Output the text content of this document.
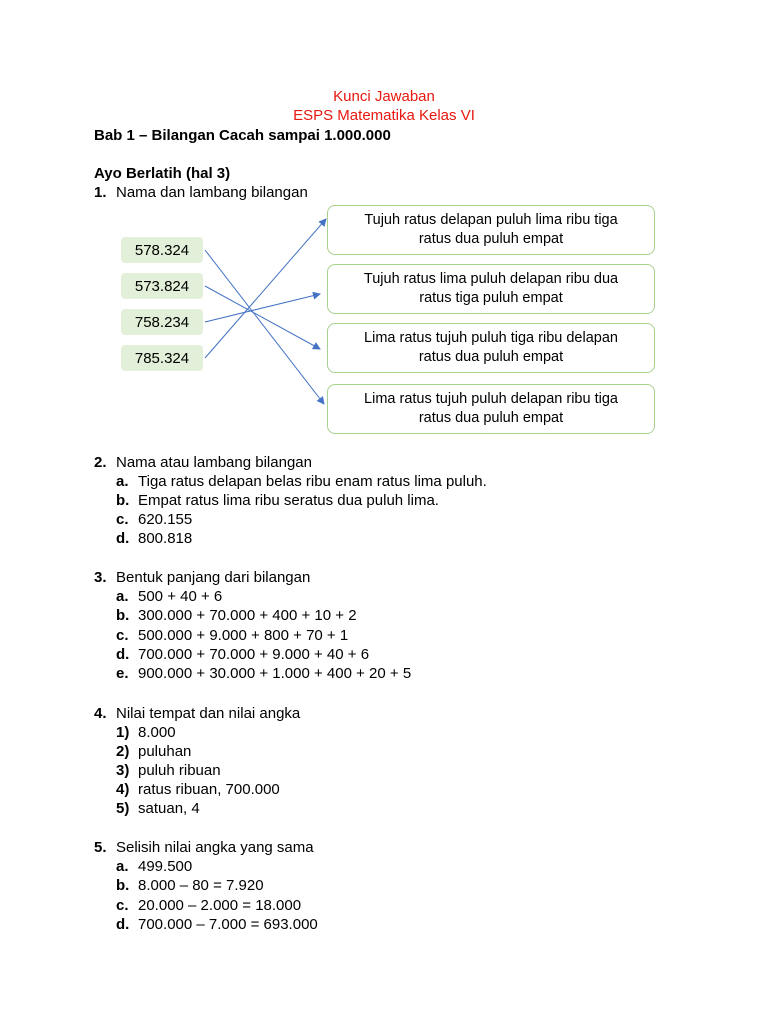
Kunci Jawaban
ESPS Matematika Kelas VI
Bab 1 – Bilangan Cacah sampai 1.000.000
Ayo Berlatih (hal 3)
1. Nama dan lambang bilangan
578.324
573.824
758.234
785.324
Tujuh ratus delapan puluh lima ribu tiga ratus dua puluh empat
Tujuh ratus lima puluh delapan ribu dua ratus tiga puluh empat
Lima ratus tujuh puluh tiga ribu delapan ratus dua puluh empat
Lima ratus tujuh puluh delapan ribu tiga ratus dua puluh empat
2. Nama atau lambang bilangan
a. Tiga ratus delapan belas ribu enam ratus lima puluh.
b. Empat ratus lima ribu seratus dua puluh lima.
c. 620.155
d. 800.818
3. Bentuk panjang dari bilangan
a. 500 + 40 + 6
b. 300.000 + 70.000 + 400 + 10 + 2
c. 500.000 + 9.000 + 800 + 70 + 1
d. 700.000 + 70.000 + 9.000 + 40 + 6
e. 900.000 + 30.000 + 1.000 + 400 + 20 + 5
4. Nilai tempat dan nilai angka
1) 8.000
2) puluhan
3) puluh ribuan
4) ratus ribuan, 700.000
5) satuan, 4
5. Selisih nilai angka yang sama
a. 499.500
b. 8.000 – 80 = 7.920
c. 20.000 – 2.000 = 18.000
d. 700.000 – 7.000 = 693.000
